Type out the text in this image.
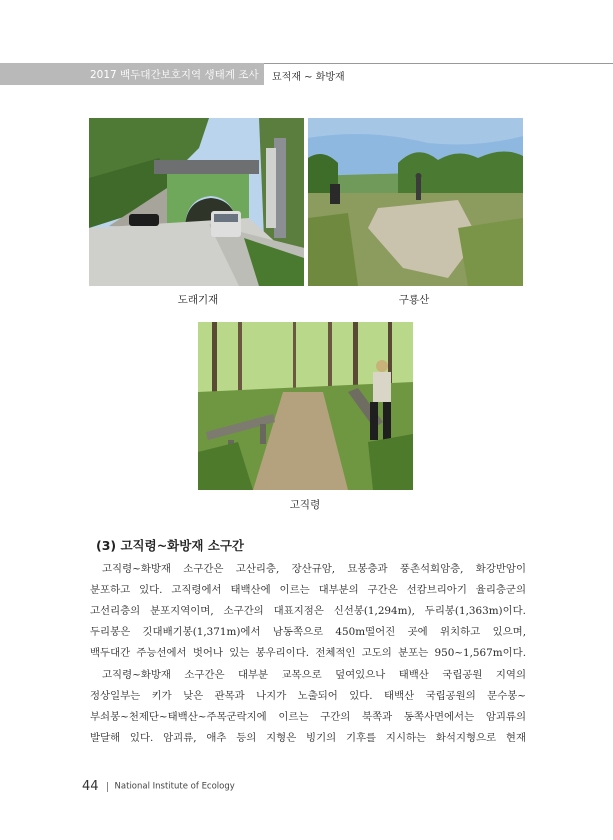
2017 백두대간보호지역 생태계 조사 묘적재 ~ 화방재
도래기재	구룡산
고직령
(3) 고직령~화방재 소구간
고직령~화방재 소구간은 고산리층, 장산규암, 묘봉층과 풍촌석회암층, 화강반암이
분포하고 있다. 고직령에서 태백산에 이르는 대부분의 구간은 선캄브리아기 율리층군의
고선리층의 분포지역이며, 소구간의 대표지점은 신선봉(1,294m), 두리봉(1,363m)이다.
두리봉은 깃대배기봉(1,371m)에서 남동쪽으로 450m떨어진 곳에 위치하고 있으며,
백두대간 주능선에서 벗어나 있는 봉우리이다. 전체적인 고도의 분포는 950~1,567m이다.
고직령~화방재 소구간은 대부분 교목으로 덮여있으나 태백산 국립공원 지역의
정상일부는 키가 낮은 관목과 나지가 노출되어 있다. 태백산 국립공원의 문수봉~
부쇠봉~천제단~태백산~주목군락지에 이르는 구간의 북쪽과 동쪽사면에서는 암괴류의
발달해 있다. 암괴류, 애추 등의 지형은 빙기의 기후를 지시하는 화석지형으로 현재
44 National Institute of Ecology
